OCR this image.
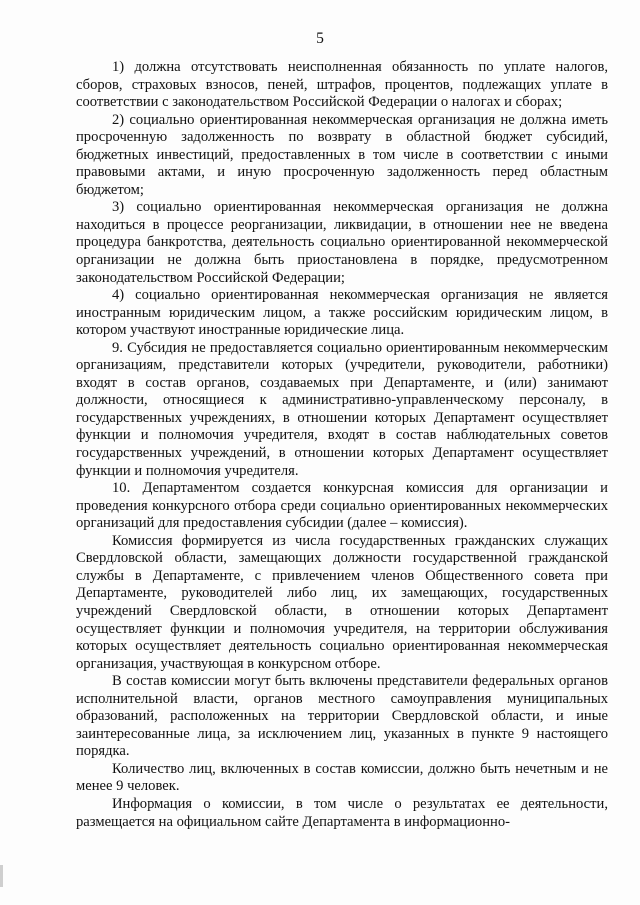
5

1) должна отсутствовать неисполненная обязанность по уплате налогов, сборов, страховых взносов, пеней, штрафов, процентов, подлежащих уплате в соответствии с законодательством Российской Федерации о налогах и сборах;

2) социально ориентированная некоммерческая организация не должна иметь просроченную задолженность по возврату в областной бюджет субсидий, бюджетных инвестиций, предоставленных в том числе в соответствии с иными правовыми актами, и иную просроченную задолженность перед областным бюджетом;

3) социально ориентированная некоммерческая организация не должна находиться в процессе реорганизации, ликвидации, в отношении нее не введена процедура банкротства, деятельность социально ориентированной некоммерческой организации не должна быть приостановлена в порядке, предусмотренном законодательством Российской Федерации;

4) социально ориентированная некоммерческая организация не является иностранным юридическим лицом, а также российским юридическим лицом, в котором участвуют иностранные юридические лица.

9. Субсидия не предоставляется социально ориентированным некоммерческим организациям, представители которых (учредители, руководители, работники) входят в состав органов, создаваемых при Департаменте, и (или) занимают должности, относящиеся к административно-управленческому персоналу, в государственных учреждениях, в отношении которых Департамент осуществляет функции и полномочия учредителя, входят в состав наблюдательных советов государственных учреждений, в отношении которых Департамент осуществляет функции и полномочия учредителя.

10. Департаментом создается конкурсная комиссия для организации и проведения конкурсного отбора среди социально ориентированных некоммерческих организаций для предоставления субсидии (далее – комиссия).

Комиссия формируется из числа государственных гражданских служащих Свердловской области, замещающих должности государственной гражданской службы в Департаменте, с привлечением членов Общественного совета при Департаменте, руководителей либо лиц, их замещающих, государственных учреждений Свердловской области, в отношении которых Департамент осуществляет функции и полномочия учредителя, на территории обслуживания которых осуществляет деятельность социально ориентированная некоммерческая организация, участвующая в конкурсном отборе.

В состав комиссии могут быть включены представители федеральных органов исполнительной власти, органов местного самоуправления муниципальных образований, расположенных на территории Свердловской области, и иные заинтересованные лица, за исключением лиц, указанных в пункте 9 настоящего порядка.

Количество лиц, включенных в состав комиссии, должно быть нечетным и не менее 9 человек.

Информация о комиссии, в том числе о результатах ее деятельности, размещается на официальном сайте Департамента в информационно-
